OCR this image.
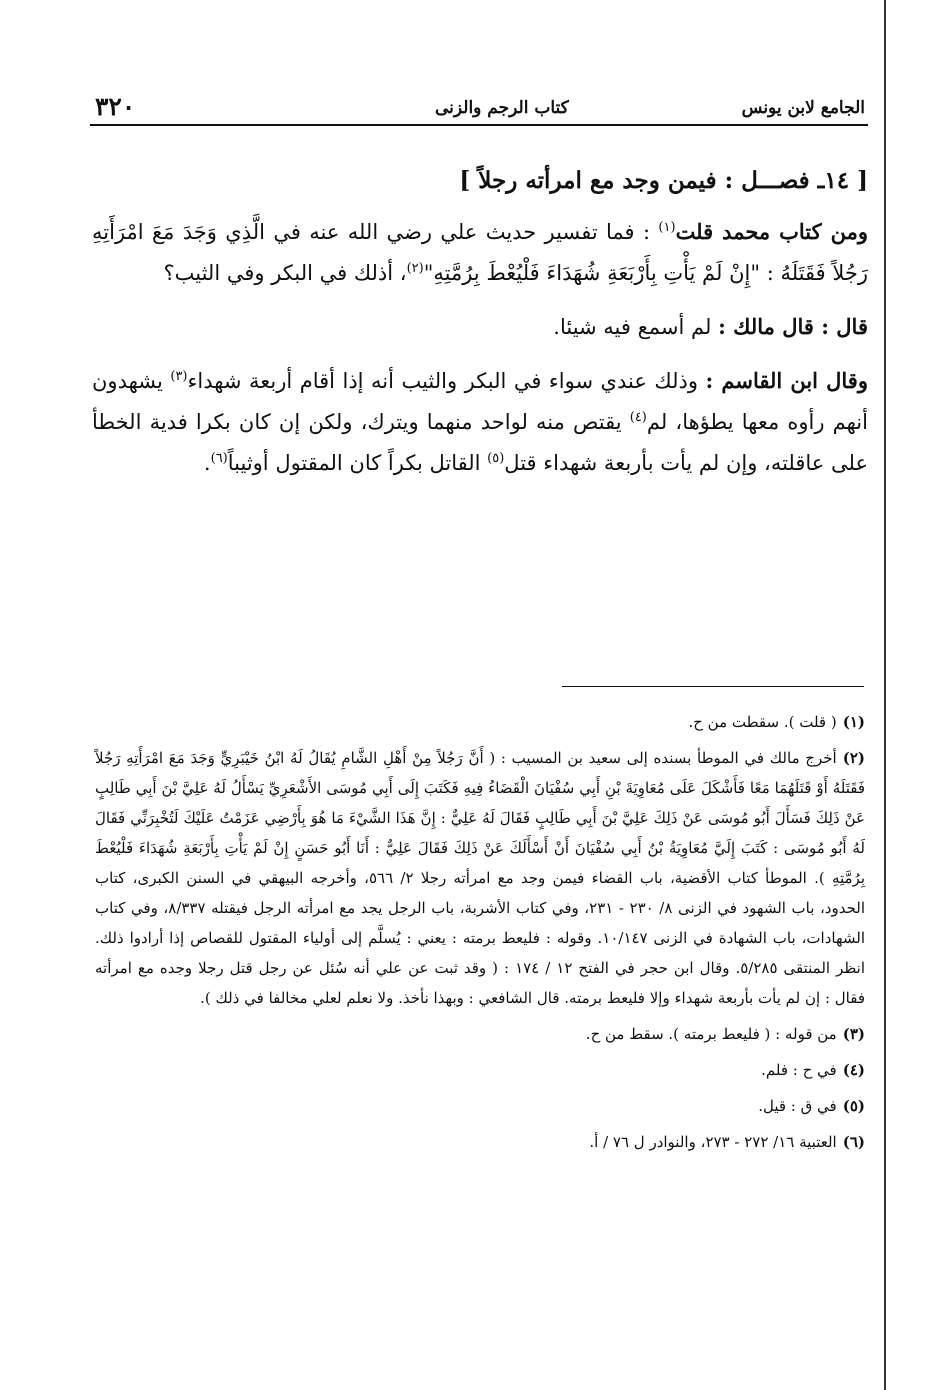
الجامع لابن يونس
كتاب الرجم والزنى
٣٢٠
[ ١٤ـ فصـــل : فيمن وجد مع امرأته رجلاً ]

ومن كتاب محمد قلت$^{(١)}$ : فما تفسير حديث علي رضي الله عنه في الَّذِي وَجَدَ مَعَ امْرَأَتِهِ رَجُلاً فَقَتَلَهُ : "إِنْ لَمْ يَأْتِ بِأَرْبَعَةِ شُهَدَاءَ فَلْيُعْطَ بِرُمَّتِهِ"$^{(٢)}$، أذلك في البكر وفي الثيب؟

قال : قال مالك : لم أسمع فيه شيئا.

وقال ابن القاسم : وذلك عندي سواء في البكر والثيب أنه إذا أقام أربعة شهداء$^{(٣)}$ يشهدون أنهم رأوه معها يطؤها، لم$^{(٤)}$ يقتص منه لواحد منهما ويترك، ولكن إن كان بكرا فدية الخطأ على عاقلته، وإن لم يأت بأربعة شهداء قتل$^{(٥)}$ القاتل بكراً كان المقتول أوثيباً$^{(٦)}$.

(١)( قلت ). سقطت من ح.
(٢)أخرج مالك في الموطأ بسنده إلى سعيد بن المسيب : ( أَنَّ رَجُلاً مِنْ أَهْلِ الشَّامِ يُقَالُ لَهُ ابْنُ خَيْبَرِيٍّ وَجَدَ مَعَ امْرَأَتِهِ رَجُلاً فَقَتَلَهُ أَوْ قَتَلَهُمَا مَعًا فَأَشْكَلَ عَلَى مُعَاوِيَةَ بْنِ أَبِي سُفْيَانَ الْقَضَاءُ فِيهِ فَكَتَبَ إِلَى أَبِي مُوسَى الأَشْعَرِيِّ يَسْأَلُ لَهُ عَلِيَّ بْنَ أَبِي طَالِبٍ عَنْ ذَلِكَ فَسَأَلَ أَبُو مُوسَى عَنْ ذَلِكَ عَلِيَّ بْنَ أَبِي طَالِبٍ فَقَالَ لَهُ عَلِيٌّ : إِنَّ هَذَا الشَّيْءَ مَا هُوَ بِأَرْضِي عَزَمْتُ عَلَيْكَ لَتُخْبِرَنِّي فَقَالَ لَهُ أَبُو مُوسَى : كَتَبَ إِلَيَّ مُعَاوِيَةُ بْنُ أَبِي سُفْيَانَ أَنْ أَسْأَلَكَ عَنْ ذَلِكَ فَقَالَ عَلِيٌّ : أَنَا أَبُو حَسَنٍ إِنْ لَمْ يَأْتِ بِأَرْبَعَةِ شُهَدَاءَ فَلْيُعْطَ بِرُمَّتِهِ ). الموطأ كتاب الأقضية، باب القضاء فيمن وجد مع امرأته رجلا ٢/ ٥٦٦، وأخرجه البيهقي في السنن الكبرى، كتاب الحدود، باب الشهود في الزنى ٨/ ٢٣٠ - ٢٣١، وفي كتاب الأشربة، باب الرجل يجد مع امرأته الرجل فيقتله ٨/٣٣٧، وفي كتاب الشهادات، باب الشهادة في الزنى ١٠/١٤٧. وقوله : فليعط برمته : يعني : يُسلَّم إلى أولياء المقتول للقصاص إذا أرادوا ذلك. انظر المنتقى ٥/٢٨٥. وقال ابن حجر في الفتح ١٢ / ١٧٤ : ( وقد ثبت عن علي أنه سُئل عن رجل قتل رجلا وجده مع امرأته فقال : إن لم يأت بأربعة شهداء وإلا فليعط برمته. قال الشافعي : وبهذا نأخذ. ولا نعلم لعلي مخالفا في ذلك ).
(٣)من قوله : ( فليعط برمته ). سقط من ح.
(٤)في ح : فلم.
(٥)في ق : قيل.
(٦)العتبية ١٦/ ٢٧٢ - ٢٧٣، والنوادر ل ٧٦ / أ.
